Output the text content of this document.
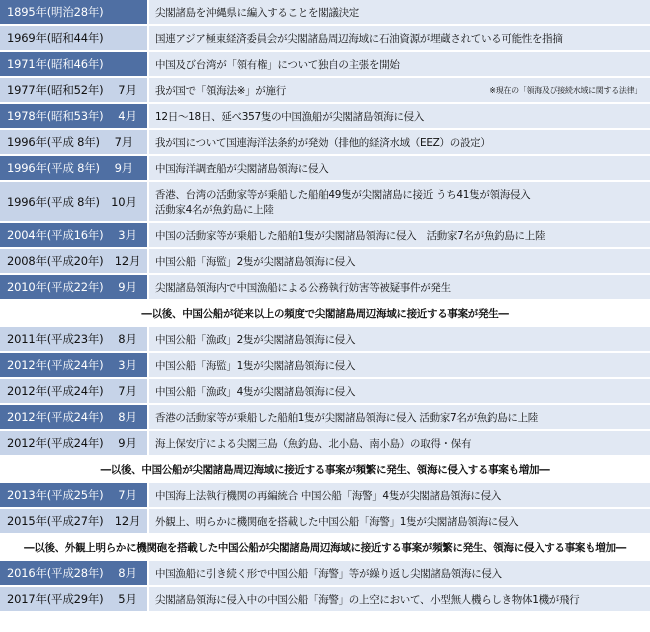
1895年(明治28年)	尖閣諸島を沖縄県に編入することを閣議決定
1969年(昭和44年)	国連アジア極東経済委員会が尖閣諸島周辺海域に石油資源が埋蔵されている可能性を指摘
1971年(昭和46年)	中国及び台湾が「領有権」について独自の主張を開始
1977年(昭和52年)　 7月	我が国で「領海法※」が施行	※現在の「領海及び接続水域に関する法律」
1978年(昭和53年)　 4月	12日～18日、延べ357隻の中国漁船が尖閣諸島領海に侵入
1996年(平成 8年)　 7月	我が国について国連海洋法条約が発効（排他的経済水域（EEZ）の設定）
1996年(平成 8年)　 9月	中国海洋調査船が尖閣諸島領海に侵入
1996年(平成 8年)　10月	香港、台湾の活動家等が乗船した船舶49隻が尖閣諸島に接近 うち41隻が領海侵入
活動家4名が魚釣島に上陸
2004年(平成16年)　 3月	中国の活動家等が乗船した船舶1隻が尖閣諸島領海に侵入　活動家7名が魚釣島に上陸
2008年(平成20年)　12月	中国公船「海監」2隻が尖閣諸島領海に侵入
2010年(平成22年)　 9月	尖閣諸島領海内で中国漁船による公務執行妨害等被疑事件が発生
―以後、中国公船が従来以上の頻度で尖閣諸島周辺海域に接近する事案が発生―
2011年(平成23年)　 8月	中国公船「漁政」2隻が尖閣諸島領海に侵入
2012年(平成24年)　 3月	中国公船「海監」1隻が尖閣諸島領海に侵入
2012年(平成24年)　 7月	中国公船「漁政」4隻が尖閣諸島領海に侵入
2012年(平成24年)　 8月	香港の活動家等が乗船した船舶1隻が尖閣諸島領海に侵入 活動家7名が魚釣島に上陸
2012年(平成24年)　 9月	海上保安庁による尖閣三島（魚釣島、北小島、南小島）の取得・保有
―以後、中国公船が尖閣諸島周辺海域に接近する事案が頻繁に発生、領海に侵入する事案も増加―
2013年(平成25年)　 7月	中国海上法執行機関の再編統合 中国公船「海警」4隻が尖閣諸島領海に侵入
2015年(平成27年)　12月	外観上、明らかに機関砲を搭載した中国公船「海警」1隻が尖閣諸島領海に侵入
―以後、外観上明らかに機関砲を搭載した中国公船が尖閣諸島周辺海域に接近する事案が頻繁に発生、領海に侵入する事案も増加―
2016年(平成28年)　 8月	中国漁船に引き続く形で中国公船「海警」等が繰り返し尖閣諸島領海に侵入
2017年(平成29年)　 5月	尖閣諸島領海に侵入中の中国公船「海警」の上空において、小型無人機らしき物体1機が飛行
